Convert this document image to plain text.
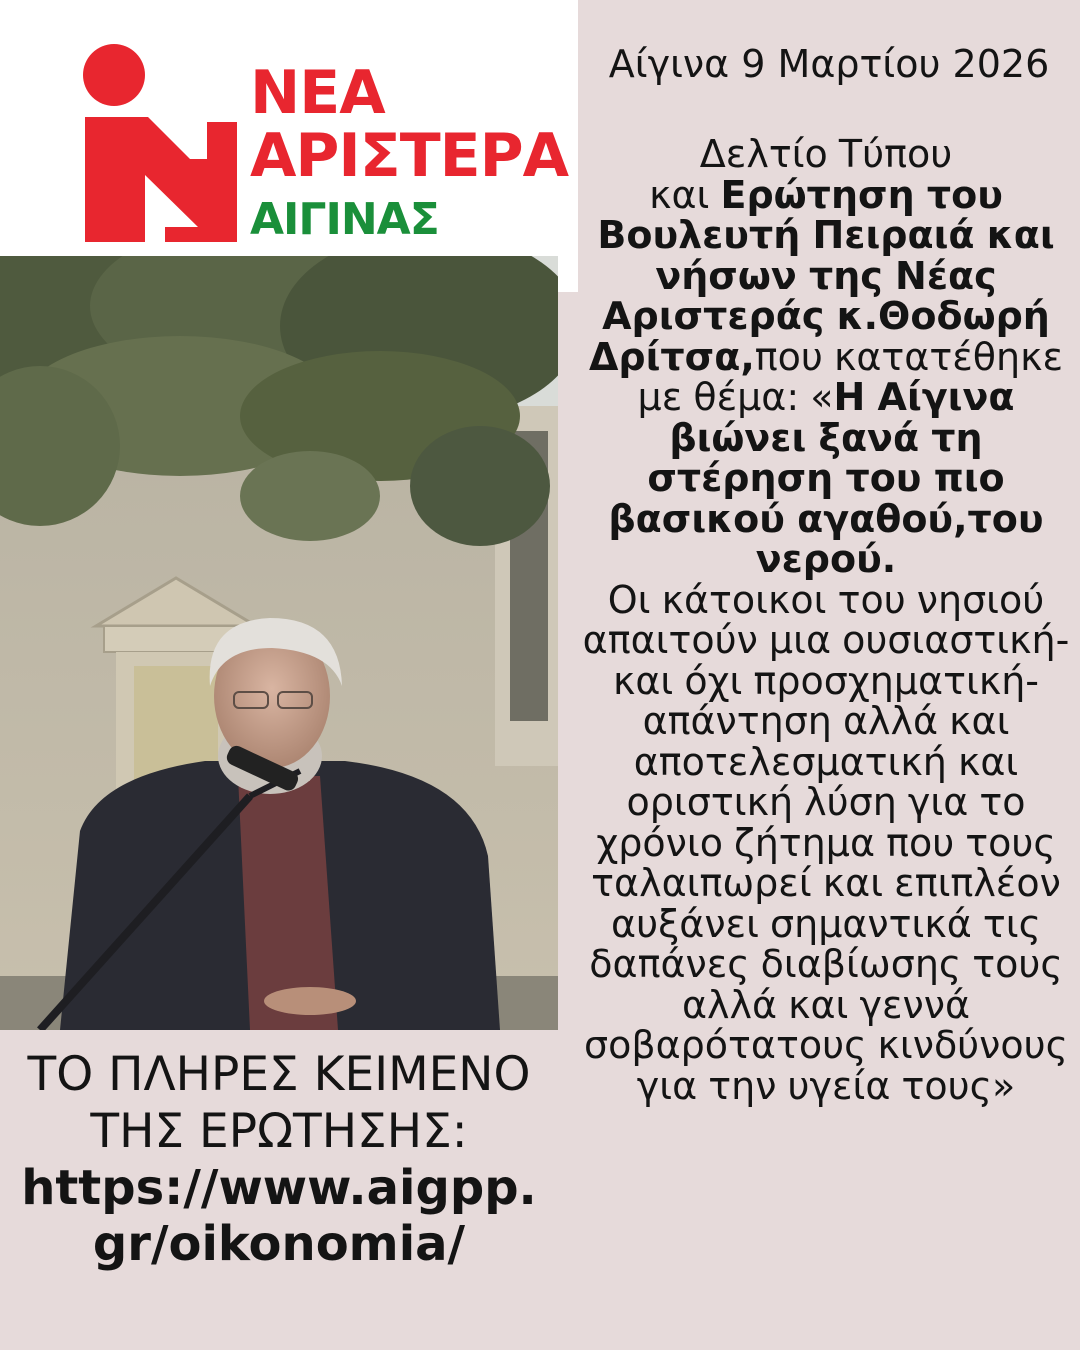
ΝΕΑ
ΑΡΙΣΤΕΡΑ
ΑΙΓΙΝΑΣ
Αίγινα 9 Μαρτίου 2026
Δελτίο Τύπου
και Ερώτηση του Βουλευτή Πειραιά και νήσων της Νέας Αριστεράς κ.Θοδωρή Δρίτσα,που κατατέθηκε με θέμα: «Η Αίγινα βιώνει ξανά τη στέρηση του πιο βασικού αγαθού,του νερού.
Οι κάτοικοι του νησιού απαιτούν μια ουσιαστική- και όχι προσχηματική- απάντηση αλλά και αποτελεσματική και οριστική λύση για το χρόνιο ζήτημα που τους ταλαιπωρεί και επιπλέον αυξάνει σημαντικά τις δαπάνες διαβίωσης τους αλλά και γεννά σοβαρότατους κινδύνους για την υγεία τους»
ΤΟ ΠΛΗΡΕΣ ΚΕΙΜΕΝΟ ΤΗΣ ΕΡΩΤΗΣΗΣ:
https://www.aigpp. gr/oikonomia/
